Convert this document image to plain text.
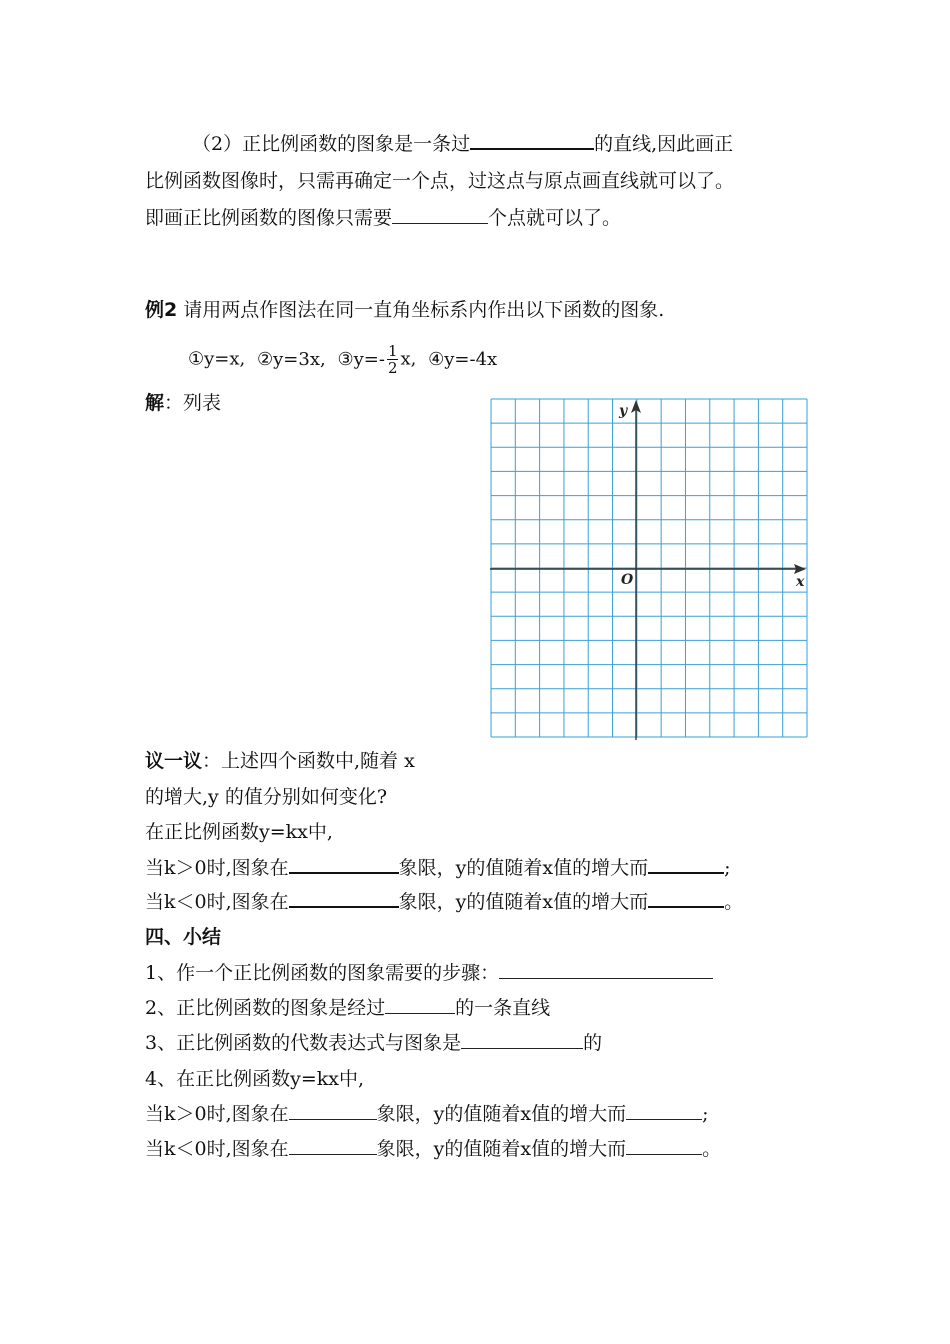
（2）正比例函数的图象是一条过	的直线,因此画正
比例函数图像时，只需再确定一个点，过这点与原点画直线就可以了。
即画正比例函数的图像只需要	个点就可以了。
例2 请用两点作图法在同一直角坐标系内作出以下函数的图象.
①y=x, ②y=3x, ③y=- $\frac{1}{2} x$, ④y=-4x
解：列表
x
y
O
议一议：上述四个函数中,随着 x
的增大,y 的值分别如何变化?
在正比例函数y=kx中,
当k＞0时,图象在	象限，y的值随着x值的增大而	;
当k＜0时,图象在	象限，y的值随着x值的增大而	。
四、小结
1、作一个正比例函数的图象需要的步骤：
2、正比例函数的图象是经过	的一条直线
3、正比例函数的代数表达式与图象是	的
4、在正比例函数y=kx中,
当k＞0时,图象在	象限，y的值随着x值的增大而	;
当k＜0时,图象在	象限，y的值随着x值的增大而	。
